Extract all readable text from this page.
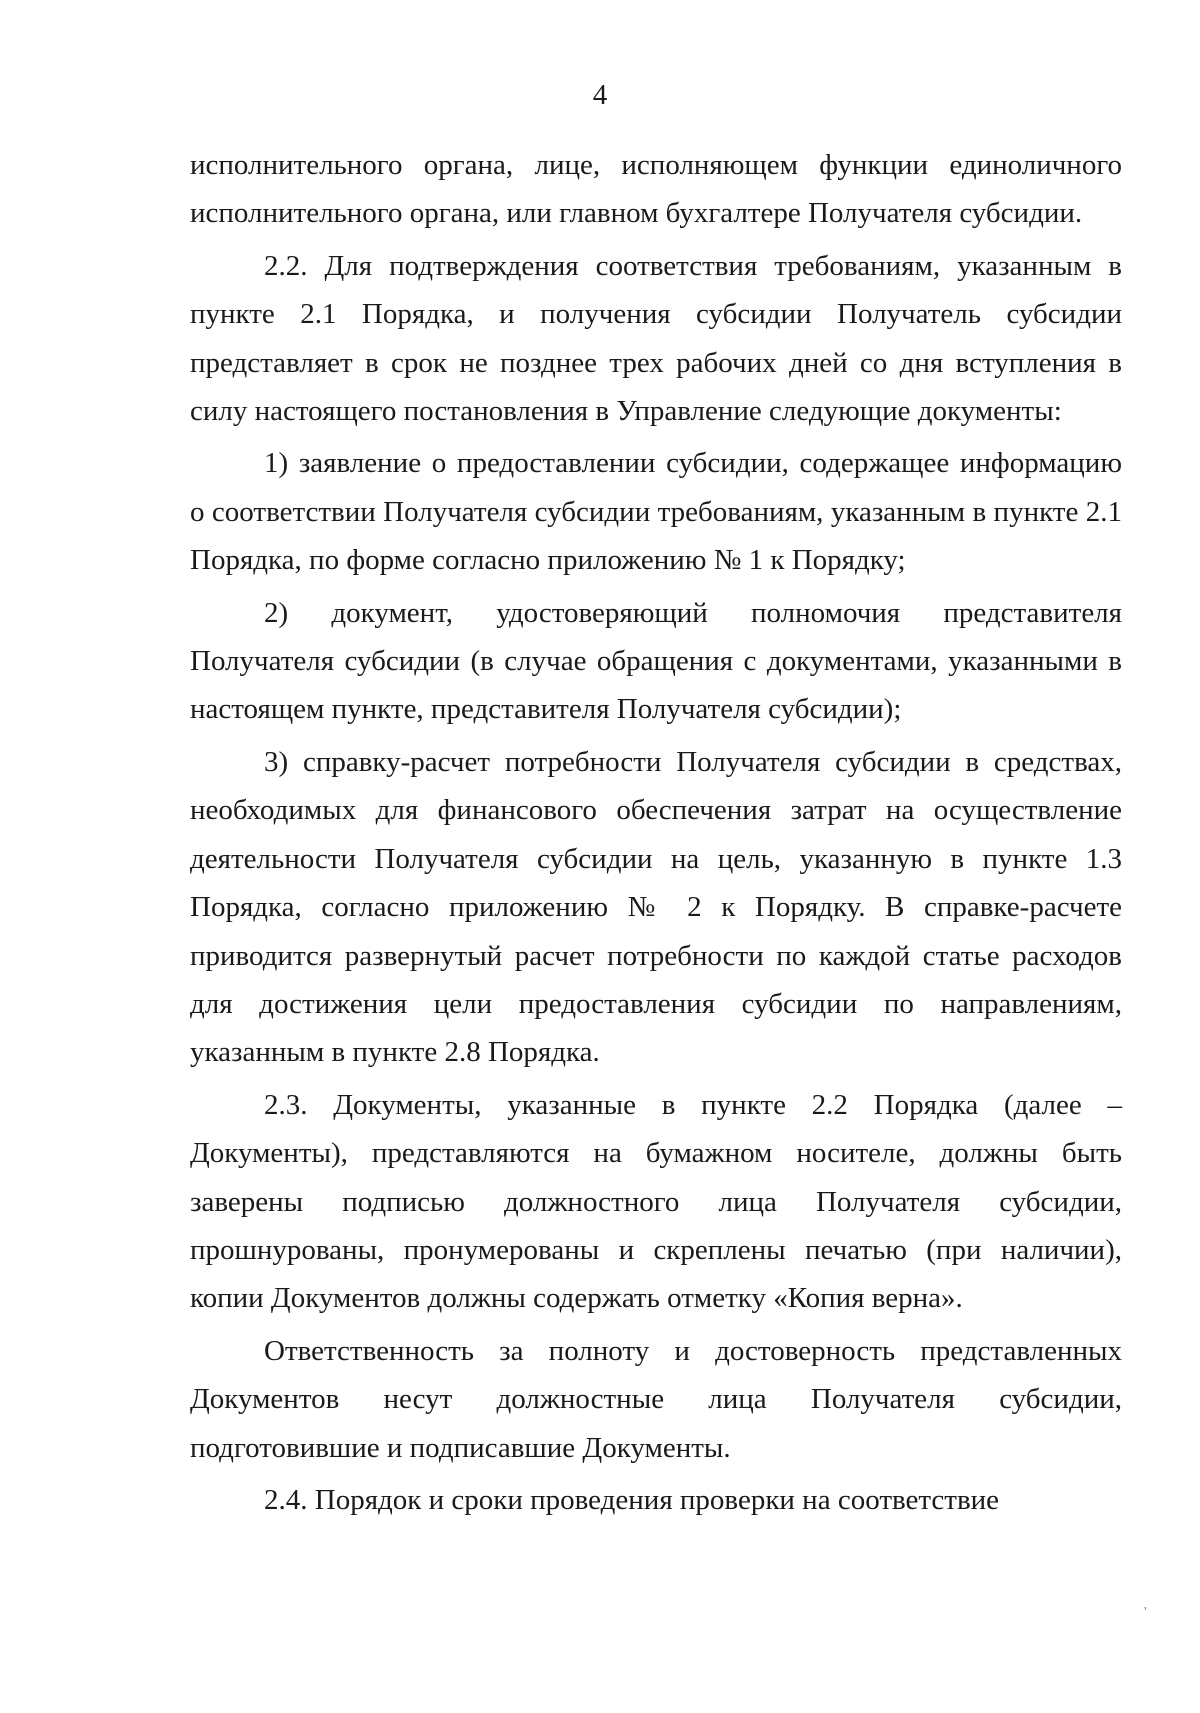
4

исполнительного органа, лице, исполняющем функции единоличного исполнительного органа, или главном бухгалтере Получателя субсидии.

2.2. Для подтверждения соответствия требованиям, указанным в пункте 2.1 Порядка, и получения субсидии Получатель субсидии представляет в срок не позднее трех рабочих дней со дня вступления в силу настоящего постановления в Управление следующие документы:

1) заявление о предоставлении субсидии, содержащее информацию о соответствии Получателя субсидии требованиям, указанным в пункте 2.1 Порядка, по форме согласно приложению № 1 к Порядку;

2) документ, удостоверяющий полномочия представителя Получателя субсидии (в случае обращения с документами, указанными в настоящем пункте, представителя Получателя субсидии);

3) справку-расчет потребности Получателя субсидии в средствах, необходимых для финансового обеспечения затрат на осуществление деятельности Получателя субсидии на цель, указанную в пункте 1.3 Порядка, согласно приложению № 2 к Порядку. В справке-расчете приводится развернутый расчет потребности по каждой статье расходов для достижения цели предоставления субсидии по направлениям, указанным в пункте 2.8 Порядка.

2.3. Документы, указанные в пункте 2.2 Порядка (далее – Документы), представляются на бумажном носителе, должны быть заверены подписью должностного лица Получателя субсидии, прошнурованы, пронумерованы и скреплены печатью (при наличии), копии Документов должны содержать отметку «Копия верна».

Ответственность за полноту и достоверность представленных Документов несут должностные лица Получателя субсидии, подготовившие и подписавшие Документы.

2.4. Порядок и сроки проведения проверки на соответствие

ʾ
